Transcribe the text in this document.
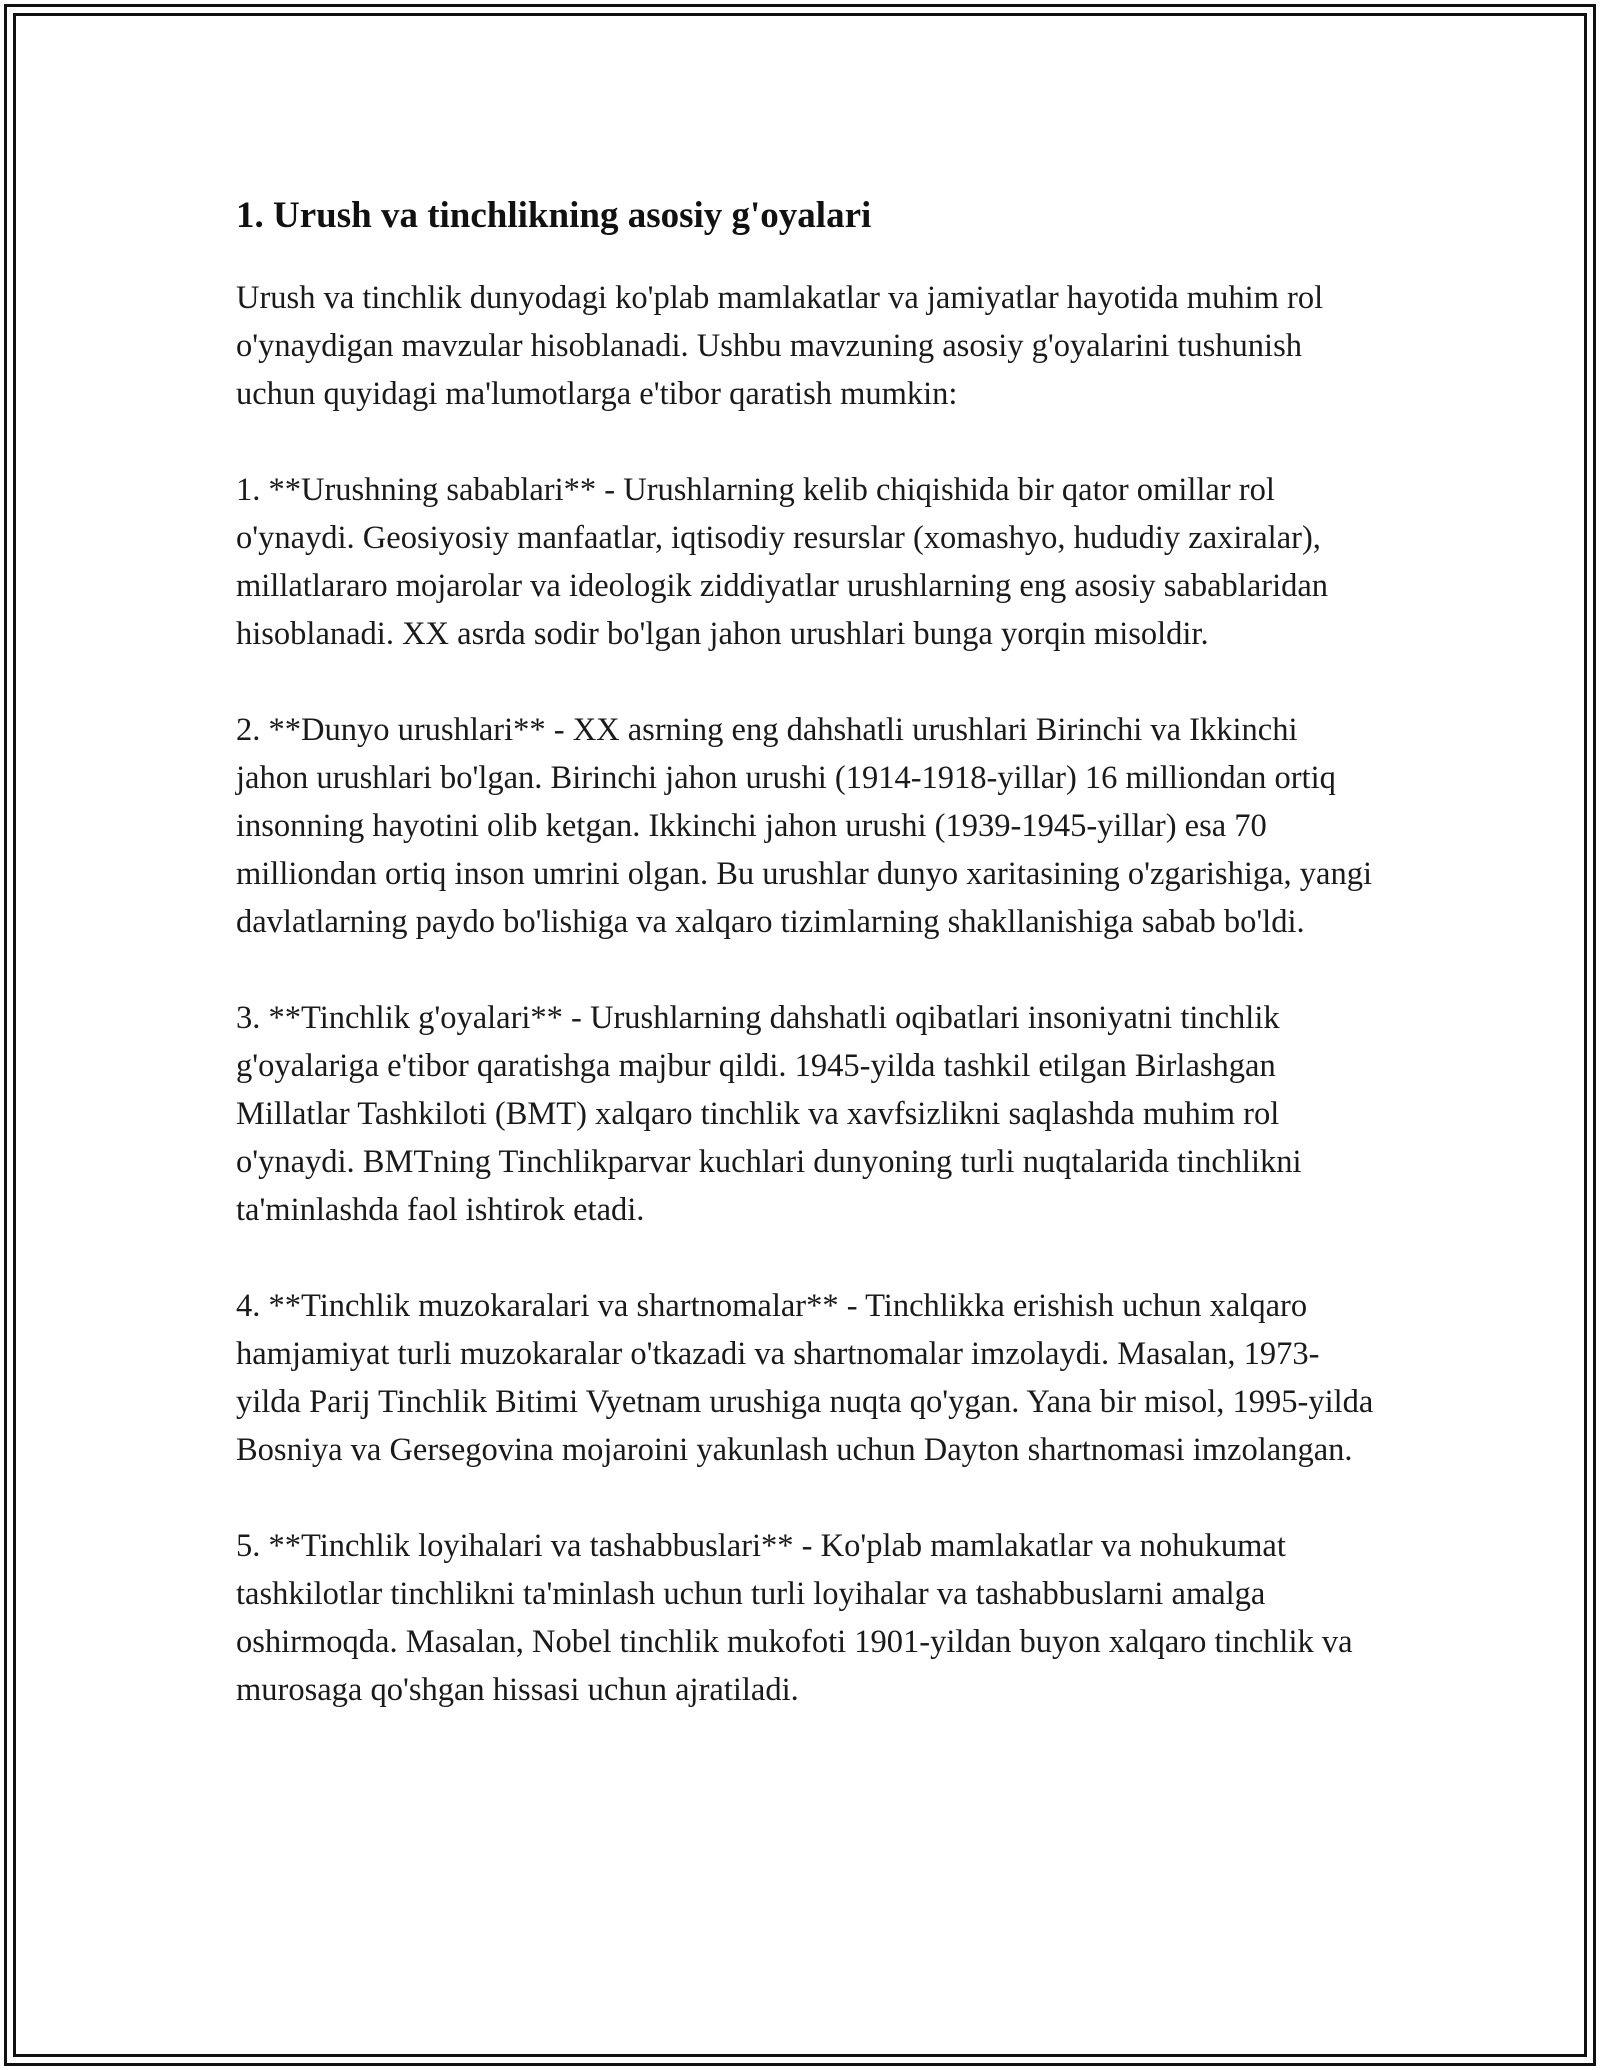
1. Urush va tinchlikning asosiy g'oyalari

Urush va tinchlik dunyodagi ko'plab mamlakatlar va jamiyatlar hayotida muhim rol o'ynaydigan mavzular hisoblanadi. Ushbu mavzuning asosiy g'oyalarini tushunish uchun quyidagi ma'lumotlarga e'tibor qaratish mumkin:

1. **Urushning sabablari** - Urushlarning kelib chiqishida bir qator omillar rol o'ynaydi. Geosiyosiy manfaatlar, iqtisodiy resurslar (xomashyo, hududiy zaxiralar), millatlararo mojarolar va ideologik ziddiyatlar urushlarning eng asosiy sabablaridan hisoblanadi. XX asrda sodir bo'lgan jahon urushlari bunga yorqin misoldir.

2. **Dunyo urushlari** - XX asrning eng dahshatli urushlari Birinchi va Ikkinchi jahon urushlari bo'lgan. Birinchi jahon urushi (1914-1918-yillar) 16 milliondan ortiq insonning hayotini olib ketgan. Ikkinchi jahon urushi (1939-1945-yillar) esa 70 milliondan ortiq inson umrini olgan. Bu urushlar dunyo xaritasining o'zgarishiga, yangi davlatlarning paydo bo'lishiga va xalqaro tizimlarning shakllanishiga sabab bo'ldi.

3. **Tinchlik g'oyalari** - Urushlarning dahshatli oqibatlari insoniyatni tinchlik g'oyalariga e'tibor qaratishga majbur qildi. 1945-yilda tashkil etilgan Birlashgan Millatlar Tashkiloti (BMT) xalqaro tinchlik va xavfsizlikni saqlashda muhim rol o'ynaydi. BMTning Tinchlikparvar kuchlari dunyoning turli nuqtalarida tinchlikni ta'minlashda faol ishtirok etadi.

4. **Tinchlik muzokaralari va shartnomalar** - Tinchlikka erishish uchun xalqaro hamjamiyat turli muzokaralar o'tkazadi va shartnomalar imzolaydi. Masalan, 1973-yilda Parij Tinchlik Bitimi Vyetnam urushiga nuqta qo'ygan. Yana bir misol, 1995-yilda Bosniya va Gersegovina mojaroini yakunlash uchun Dayton shartnomasi imzolangan.

5. **Tinchlik loyihalari va tashabbuslari** - Ko'plab mamlakatlar va nohukumat tashkilotlar tinchlikni ta'minlash uchun turli loyihalar va tashabbuslarni amalga oshirmoqda. Masalan, Nobel tinchlik mukofoti 1901-yildan buyon xalqaro tinchlik va murosaga qo'shgan hissasi uchun ajratiladi.
